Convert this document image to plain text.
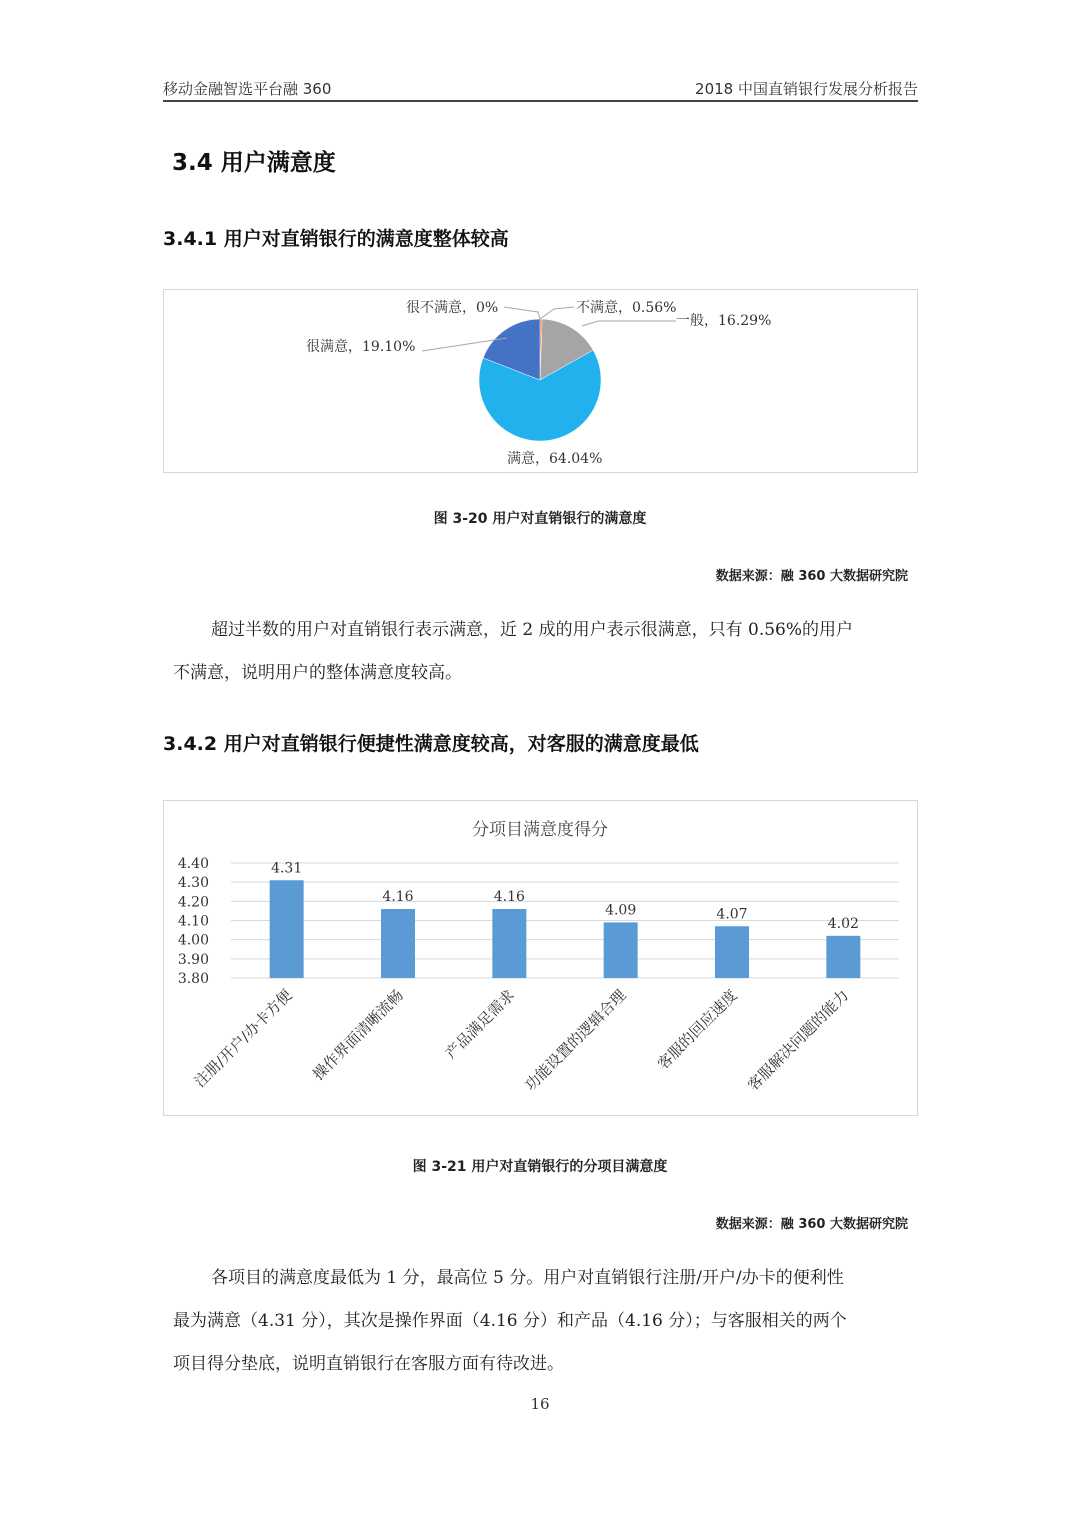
移动金融智选平台融 360	2018 中国直销银行发展分析报告
3.4 用户满意度
3.4.1 用户对直销银行的满意度整体较高
很不满意，0%	不满意，0.56%
一般，16.29%
满意，64.04%
很满意，19.10%
图 3-20 用户对直销银行的满意度
数据来源：融 360 大数据研究院
超过半数的用户对直销银行表示满意，近 2 成的用户表示很满意，只有 0.56%的用户
不满意，说明用户的整体满意度较高。
3.4.2 用户对直销银行便捷性满意度较高，对客服的满意度最低
分项目满意度得分
4.40
4.30
4.20
4.10
4.00
3.90
3.80
4.31
4.16	4.16
4.09	4.07
4.02
注册/开户/办卡方便 操作界面清晰流畅 产品满足需求 功能设置的逻辑合理 客服的回应速度 客服解决问题的能力
图 3-21 用户对直销银行的分项目满意度
数据来源：融 360 大数据研究院
各项目的满意度最低为 1 分，最高位 5 分。用户对直销银行注册/开户/办卡的便利性
最为满意（4.31 分），其次是操作界面（4.16 分）和产品（4.16 分）；与客服相关的两个
项目得分垫底，说明直销银行在客服方面有待改进。
16
